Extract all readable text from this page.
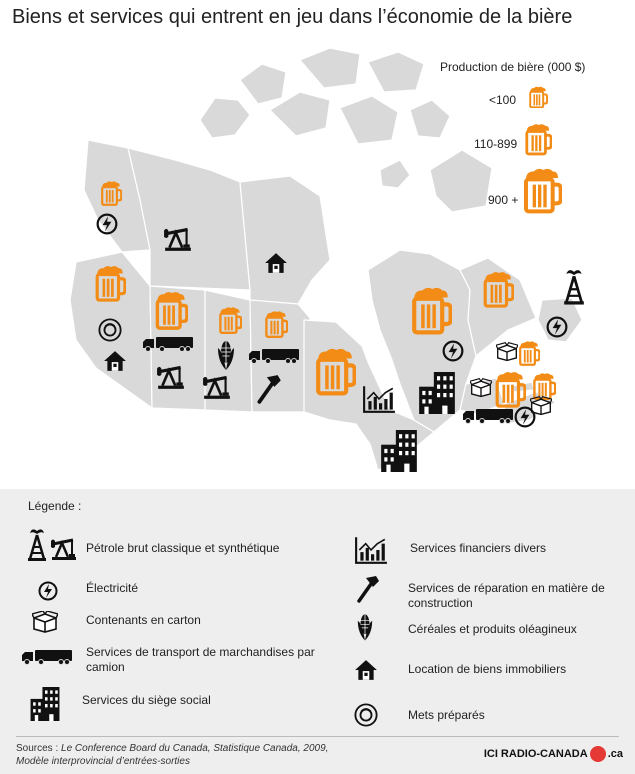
Biens et services qui entrent en jeu dans l’économie de la bière
Production de bière (000 $)
<100
110-899
900 +
Légende :
Pétrole brut classique et synthétique
Électricité
Contenants en carton
Services de transport de marchandises par camion
Services du siège social
Services financiers divers
Services de réparation en matière de construction
Céréales et produits oléagineux
Location de biens immobiliers
Mets préparés
Sources : Le Conference Board du Canada, Statistique Canada, 2009,
Modèle interprovincial d’entrées-sorties
ICI RADIO-CANADA .ca
